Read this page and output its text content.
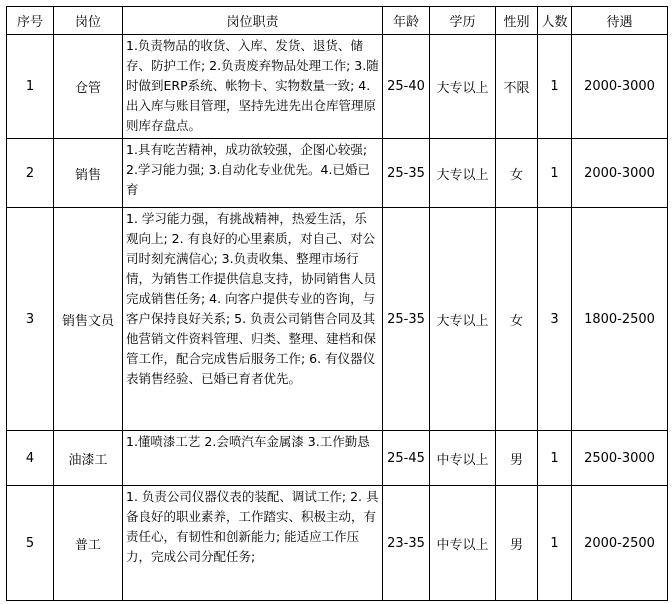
序号	岗位	岗位职责	年龄	学历	性别	人数	待遇
1	仓管	1.负责物品的收货、入库、发货、退货、储存、防护工作; 2.负责废弃物品处理工作; 3.随时做到ERP系统、帐物卡、实物数量一致; 4.出入库与账目管理，坚持先进先出仓库管理原则库存盘点。	25-40	大专以上	不限	1	2000-3000
2	销售	1.具有吃苦精神，成功欲较强，企图心较强; 2.学习能力强; 3.自动化专业优先。4.已婚已育	25-35	大专以上	女	1	2000-3000
3	销售文员	1. 学习能力强，有挑战精神，热爱生活，乐观向上; 2. 有良好的心里素质，对自己、对公司时刻充满信心; 3.负责收集、整理市场行情，为销售工作提供信息支持，协同销售人员完成销售任务; 4. 向客户提供专业的咨询，与客户保持良好关系; 5. 负责公司销售合同及其他营销文件资料管理、归类、整理、建档和保管工作，配合完成售后服务工作; 6. 有仪器仪表销售经验、已婚已育者优先。	25-35	大专以上	女	3	1800-2500
4	油漆工	1.懂喷漆工艺 2.会喷汽车金属漆 3.工作勤恳	25-45	中专以上	男	1	2500-3000
5	普工	1. 负责公司仪器仪表的装配、调试工作; 2. 具备良好的职业素养，工作踏实、积极主动，有责任心，有韧性和创新能力; 能适应工作压力，完成公司分配任务;	23-35	中专以上	男	1	2000-2500
